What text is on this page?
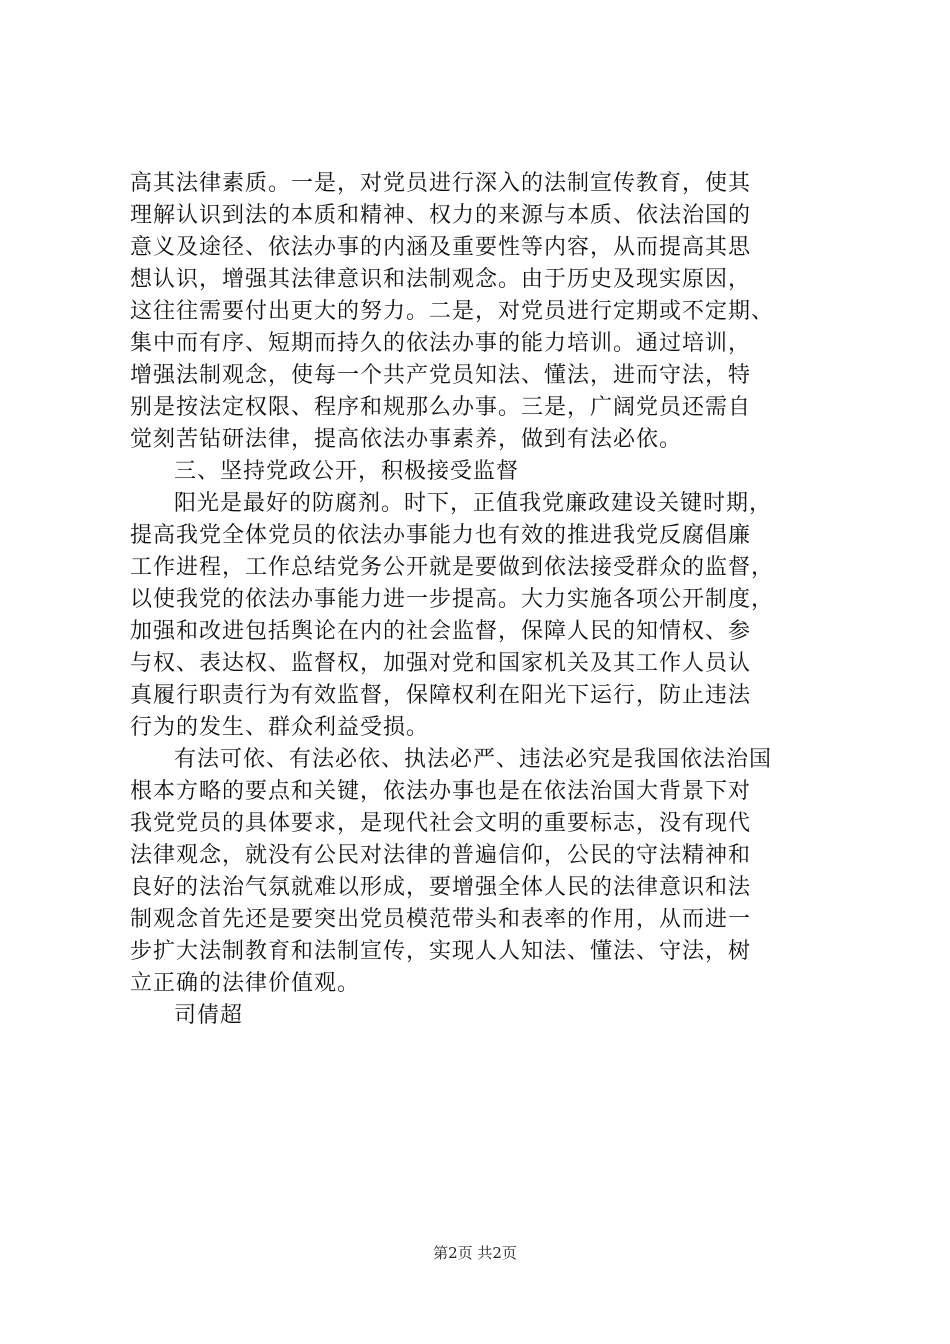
高其法律素质。一是，对党员进行深入的法制宣传教育，使其
理解认识到法的本质和精神、权力的来源与本质、依法治国的
意义及途径、依法办事的内涵及重要性等内容，从而提高其思
想认识，增强其法律意识和法制观念。由于历史及现实原因，
这往往需要付出更大的努力。二是，对党员进行定期或不定期、
集中而有序、短期而持久的依法办事的能力培训。通过培训，
增强法制观念，使每一个共产党员知法、懂法，进而守法，特
别是按法定权限、程序和规那么办事。三是，广阔党员还需自
觉刻苦钻研法律，提高依法办事素养，做到有法必依。
三、坚持党政公开，积极接受监督
阳光是最好的防腐剂。时下，正值我党廉政建设关键时期，
提高我党全体党员的依法办事能力也有效的推进我党反腐倡廉
工作进程，工作总结党务公开就是要做到依法接受群众的监督，
以使我党的依法办事能力进一步提高。大力实施各项公开制度，
加强和改进包括舆论在内的社会监督，保障人民的知情权、参
与权、表达权、监督权，加强对党和国家机关及其工作人员认
真履行职责行为有效监督，保障权利在阳光下运行，防止违法
行为的发生、群众利益受损。
有法可依、有法必依、执法必严、违法必究是我国依法治国
根本方略的要点和关键，依法办事也是在依法治国大背景下对
我党党员的具体要求，是现代社会文明的重要标志，没有现代
法律观念，就没有公民对法律的普遍信仰，公民的守法精神和
良好的法治气氛就难以形成，要增强全体人民的法律意识和法
制观念首先还是要突出党员模范带头和表率的作用，从而进一
步扩大法制教育和法制宣传，实现人人知法、懂法、守法，树
立正确的法律价值观。
司倩超
第2页 共2页
